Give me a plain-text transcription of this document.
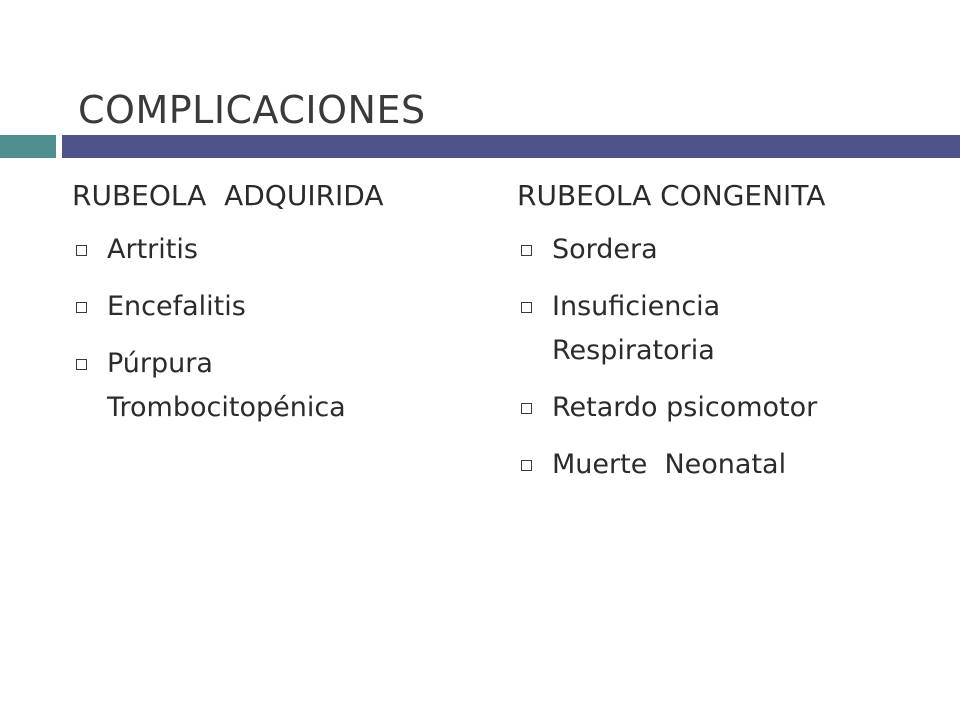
COMPLICACIONES
RUBEOLA  ADQUIRIDA
Artritis
Encefalitis
Púrpura Trombocitopénica
RUBEOLA CONGENITA
Sordera
Insuficiencia Respiratoria
Retardo psicomotor
Muerte  Neonatal
